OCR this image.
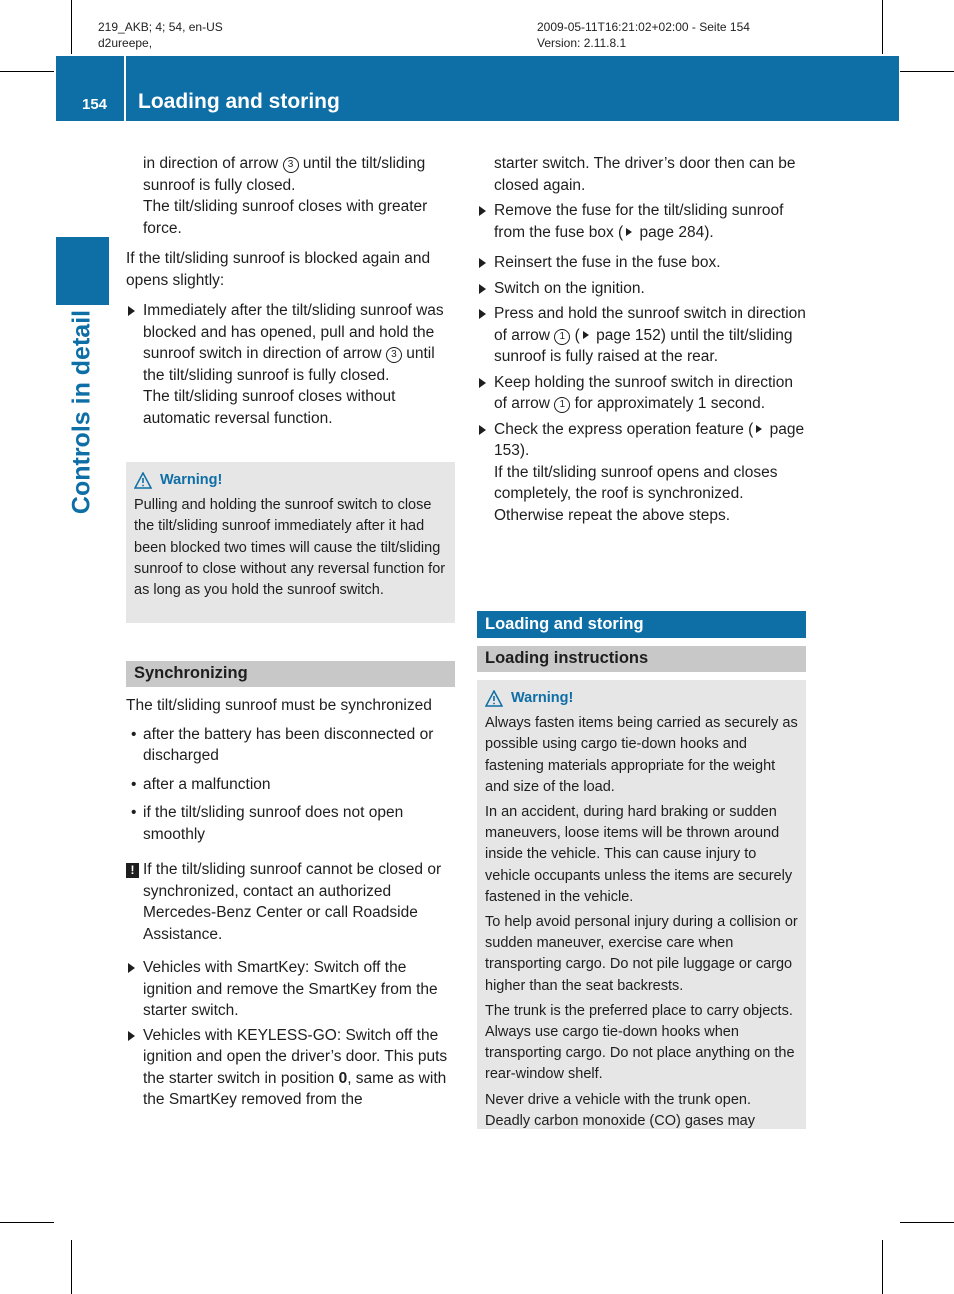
219_AKB; 4; 54, en-US
d2ureepe,
2009-05-11T16:21:02+02:00 - Seite 154
Version: 2.11.8.1
154 Loading and storing
Controls in detail

in direction of arrow 3 until the tilt/sliding sunroof is fully closed.

The tilt/sliding sunroof closes with greater force.

If the tilt/sliding sunroof is blocked again and opens slightly:

Immediately after the tilt/sliding sunroof was blocked and has opened, pull and hold the sunroof switch in direction of arrow 3 until the tilt/sliding sunroof is fully closed.

The tilt/sliding sunroof closes without automatic reversal function.

Warning!

Pulling and holding the sunroof switch to close the tilt/sliding sunroof immediately after it had been blocked two times will cause the tilt/sliding sunroof to close without any reversal function for as long as you hold the sunroof switch.

Synchronizing

The tilt/sliding sunroof must be synchronized

• after the battery has been disconnected or discharged
• after a malfunction
• if the tilt/sliding sunroof does not open smoothly
! If the tilt/sliding sunroof cannot be closed or synchronized, contact an authorized Mercedes-Benz Center or call Roadside Assistance.
Vehicles with SmartKey: Switch off the ignition and remove the SmartKey from the starter switch.
Vehicles with KEYLESS-GO: Switch off the ignition and open the driver’s door. This puts the starter switch in position 0, same as with the SmartKey removed from the

starter switch. The driver’s door then can be closed again.

Remove the fuse for the tilt/sliding sunroof from the fuse box ( page 284).
Reinsert the fuse in the fuse box.
Switch on the ignition.
Press and hold the sunroof switch in direction of arrow 1 ( page 152) until the tilt/sliding sunroof is fully raised at the rear.
Keep holding the sunroof switch in direction of arrow 1 for approximately 1 second.
Check the express operation feature ( page 153).

If the tilt/sliding sunroof opens and closes completely, the roof is synchronized. Otherwise repeat the above steps.

Loading and storing
Loading instructions
Warning!

Always fasten items being carried as securely as possible using cargo tie-down hooks and fastening materials appropriate for the weight and size of the load.

In an accident, during hard braking or sudden maneuvers, loose items will be thrown around inside the vehicle. This can cause injury to vehicle occupants unless the items are securely fastened in the vehicle.

To help avoid personal injury during a collision or sudden maneuver, exercise care when transporting cargo. Do not pile luggage or cargo higher than the seat backrests.

The trunk is the preferred place to carry objects. Always use cargo tie-down hooks when transporting cargo. Do not place anything on the rear-window shelf.

Never drive a vehicle with the trunk open. Deadly carbon monoxide (CO) gases may
